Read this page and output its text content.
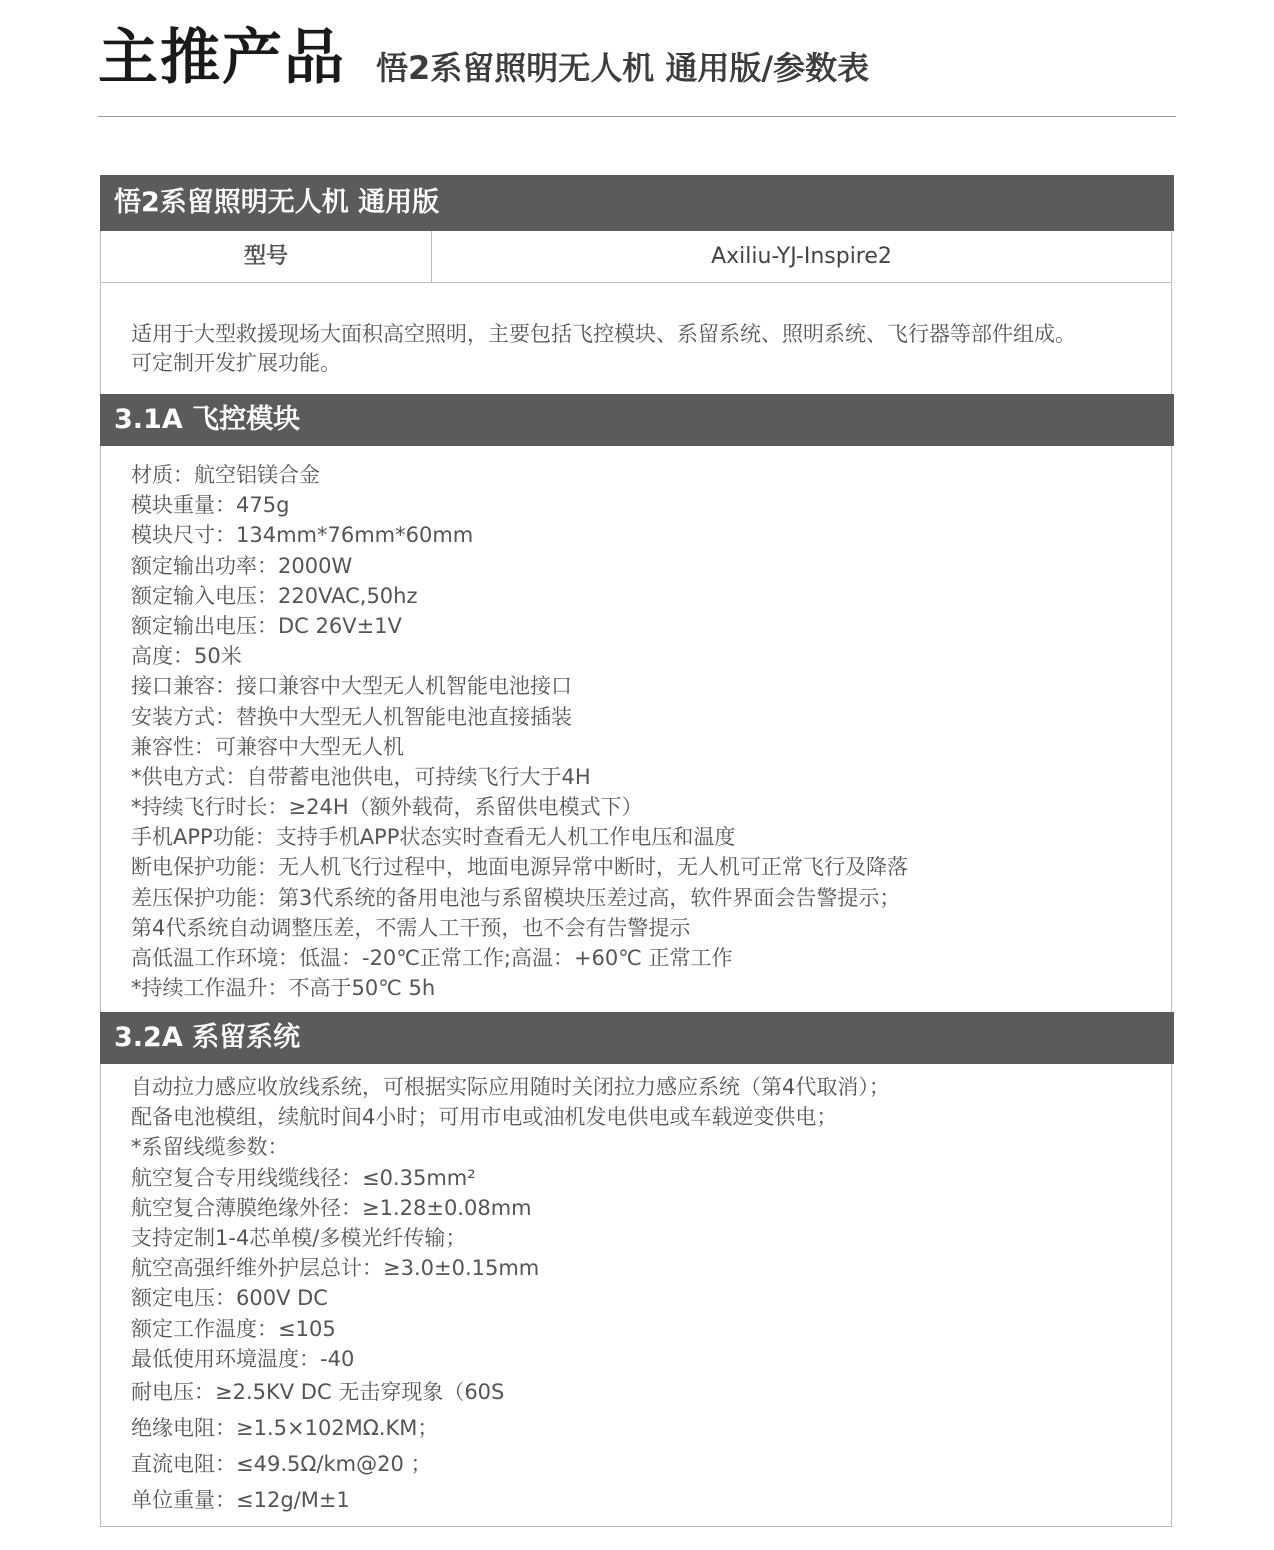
主推产品 悟2系留照明无人机 通用版/参数表
悟2系留照明无人机 通用版
型号	Axiliu-YJ-Inspire2
适用于大型救援现场大面积高空照明，主要包括飞控模块、系留系统、照明系统、飞行器等部件组成。
可定制开发扩展功能。
3.1A 飞控模块
材质：航空铝镁合金
模块重量：475g
模块尺寸：134mm*76mm*60mm
额定输出功率：2000W
额定输入电压：220VAC,50hz
额定输出电压：DC 26V±1V
高度：50米
接口兼容：接口兼容中大型无人机智能电池接口
安装方式：替换中大型无人机智能电池直接插装
兼容性：可兼容中大型无人机
*供电方式：自带蓄电池供电，可持续飞行大于4H
*持续飞行时长：≥24H（额外载荷，系留供电模式下）
手机APP功能：支持手机APP状态实时查看无人机工作电压和温度
断电保护功能：无人机飞行过程中，地面电源异常中断时，无人机可正常飞行及降落
差压保护功能：第3代系统的备用电池与系留模块压差过高，软件界面会告警提示；
第4代系统自动调整压差，不需人工干预，也不会有告警提示
高低温工作环境：低温：-20℃正常工作;高温：+60℃ 正常工作
*持续工作温升：不高于50℃ 5h
3.2A 系留系统
自动拉力感应收放线系统，可根据实际应用随时关闭拉力感应系统（第4代取消）；
配备电池模组，续航时间4小时；可用市电或油机发电供电或车载逆变供电；
*系留线缆参数：
航空复合专用线缆线径：≤0.35mm²
航空复合薄膜绝缘外径：≥1.28±0.08mm
支持定制1-4芯单模/多模光纤传输；
航空高强纤维外护层总计：≥3.0±0.15mm
额定电压：600V DC
额定工作温度：≤105
最低使用环境温度：-40
耐电压：≥2.5KV DC 无击穿现象（60S
绝缘电阻：≥1.5×102MΩ.KM；
直流电阻：≤49.5Ω/km@20 ；
单位重量：≤12g/M±1
